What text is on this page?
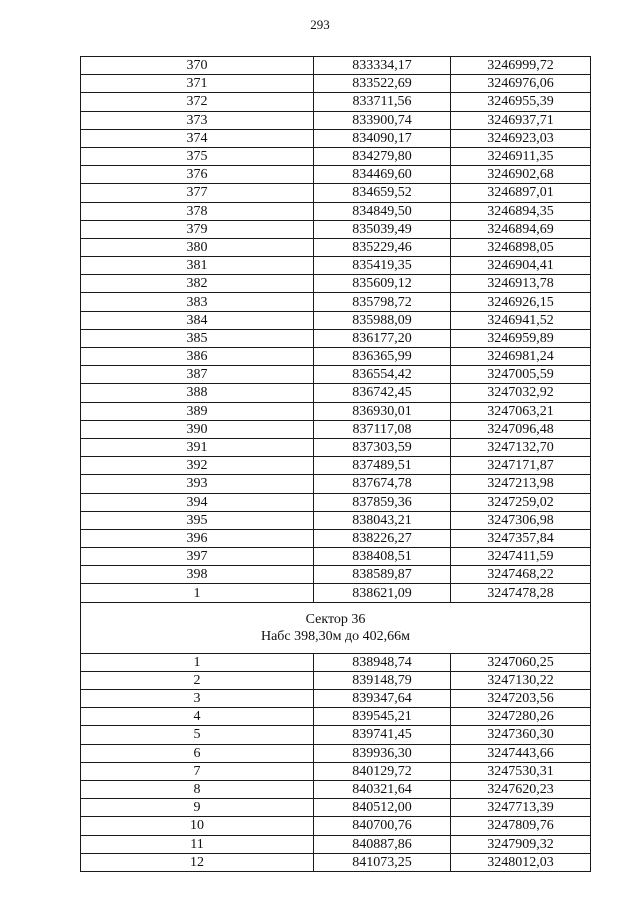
293
370	833334,17	3246999,72
371	833522,69	3246976,06
372	833711,56	3246955,39
373	833900,74	3246937,71
374	834090,17	3246923,03
375	834279,80	3246911,35
376	834469,60	3246902,68
377	834659,52	3246897,01
378	834849,50	3246894,35
379	835039,49	3246894,69
380	835229,46	3246898,05
381	835419,35	3246904,41
382	835609,12	3246913,78
383	835798,72	3246926,15
384	835988,09	3246941,52
385	836177,20	3246959,89
386	836365,99	3246981,24
387	836554,42	3247005,59
388	836742,45	3247032,92
389	836930,01	3247063,21
390	837117,08	3247096,48
391	837303,59	3247132,70
392	837489,51	3247171,87
393	837674,78	3247213,98
394	837859,36	3247259,02
395	838043,21	3247306,98
396	838226,27	3247357,84
397	838408,51	3247411,59
398	838589,87	3247468,22
1	838621,09	3247478,28

Сектор 36
Набс 398,30м до 402,66м		

1	838948,74	3247060,25
2	839148,79	3247130,22
3	839347,64	3247203,56
4	839545,21	3247280,26
5	839741,45	3247360,30
6	839936,30	3247443,66
7	840129,72	3247530,31
8	840321,64	3247620,23
9	840512,00	3247713,39
10	840700,76	3247809,76
11	840887,86	3247909,32
12	841073,25	3248012,03
